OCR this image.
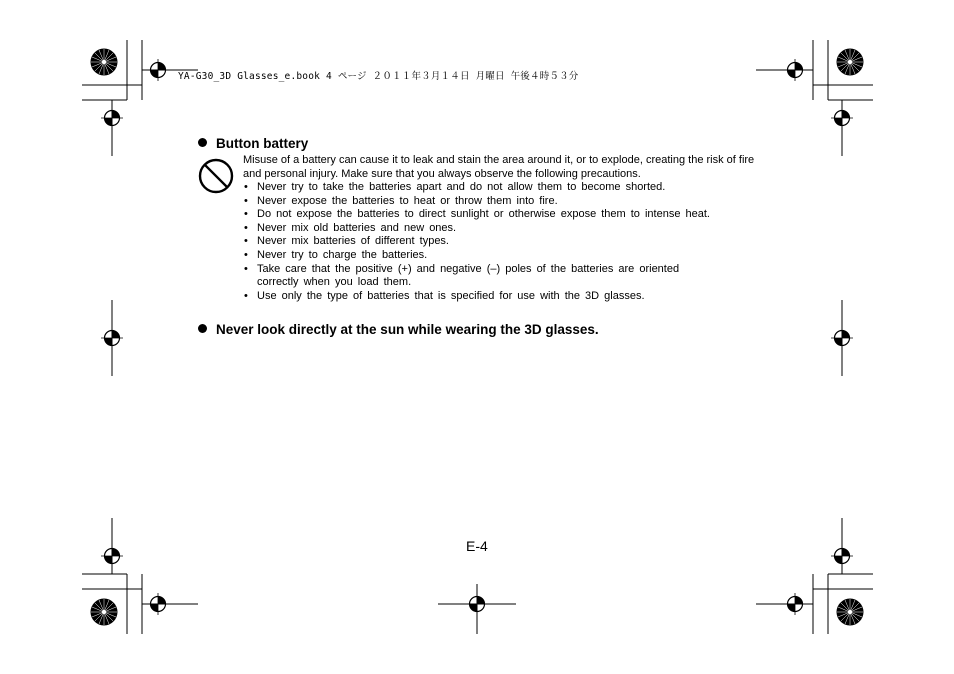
YA-G30_3D Glasses_e.book 4 ページ ２０１１年３月１４日 月曜日 午後４時５３分
Button battery
Misuse of a battery can cause it to leak and stain the area around it, or to explode, creating the risk of fire and personal injury. Make sure that you always observe the following precautions.
• Never try to take the batteries apart and do not allow them to become shorted.
• Never expose the batteries to heat or throw them into fire.
• Do not expose the batteries to direct sunlight or otherwise expose them to intense heat.
• Never mix old batteries and new ones.
• Never mix batteries of different types.
• Never try to charge the batteries.
• Take care that the positive (+) and negative (–) poles of the batteries are oriented correctly when you load them.
• Use only the type of batteries that is specified for use with the 3D glasses.
Never look directly at the sun while wearing the 3D glasses.
E-4
